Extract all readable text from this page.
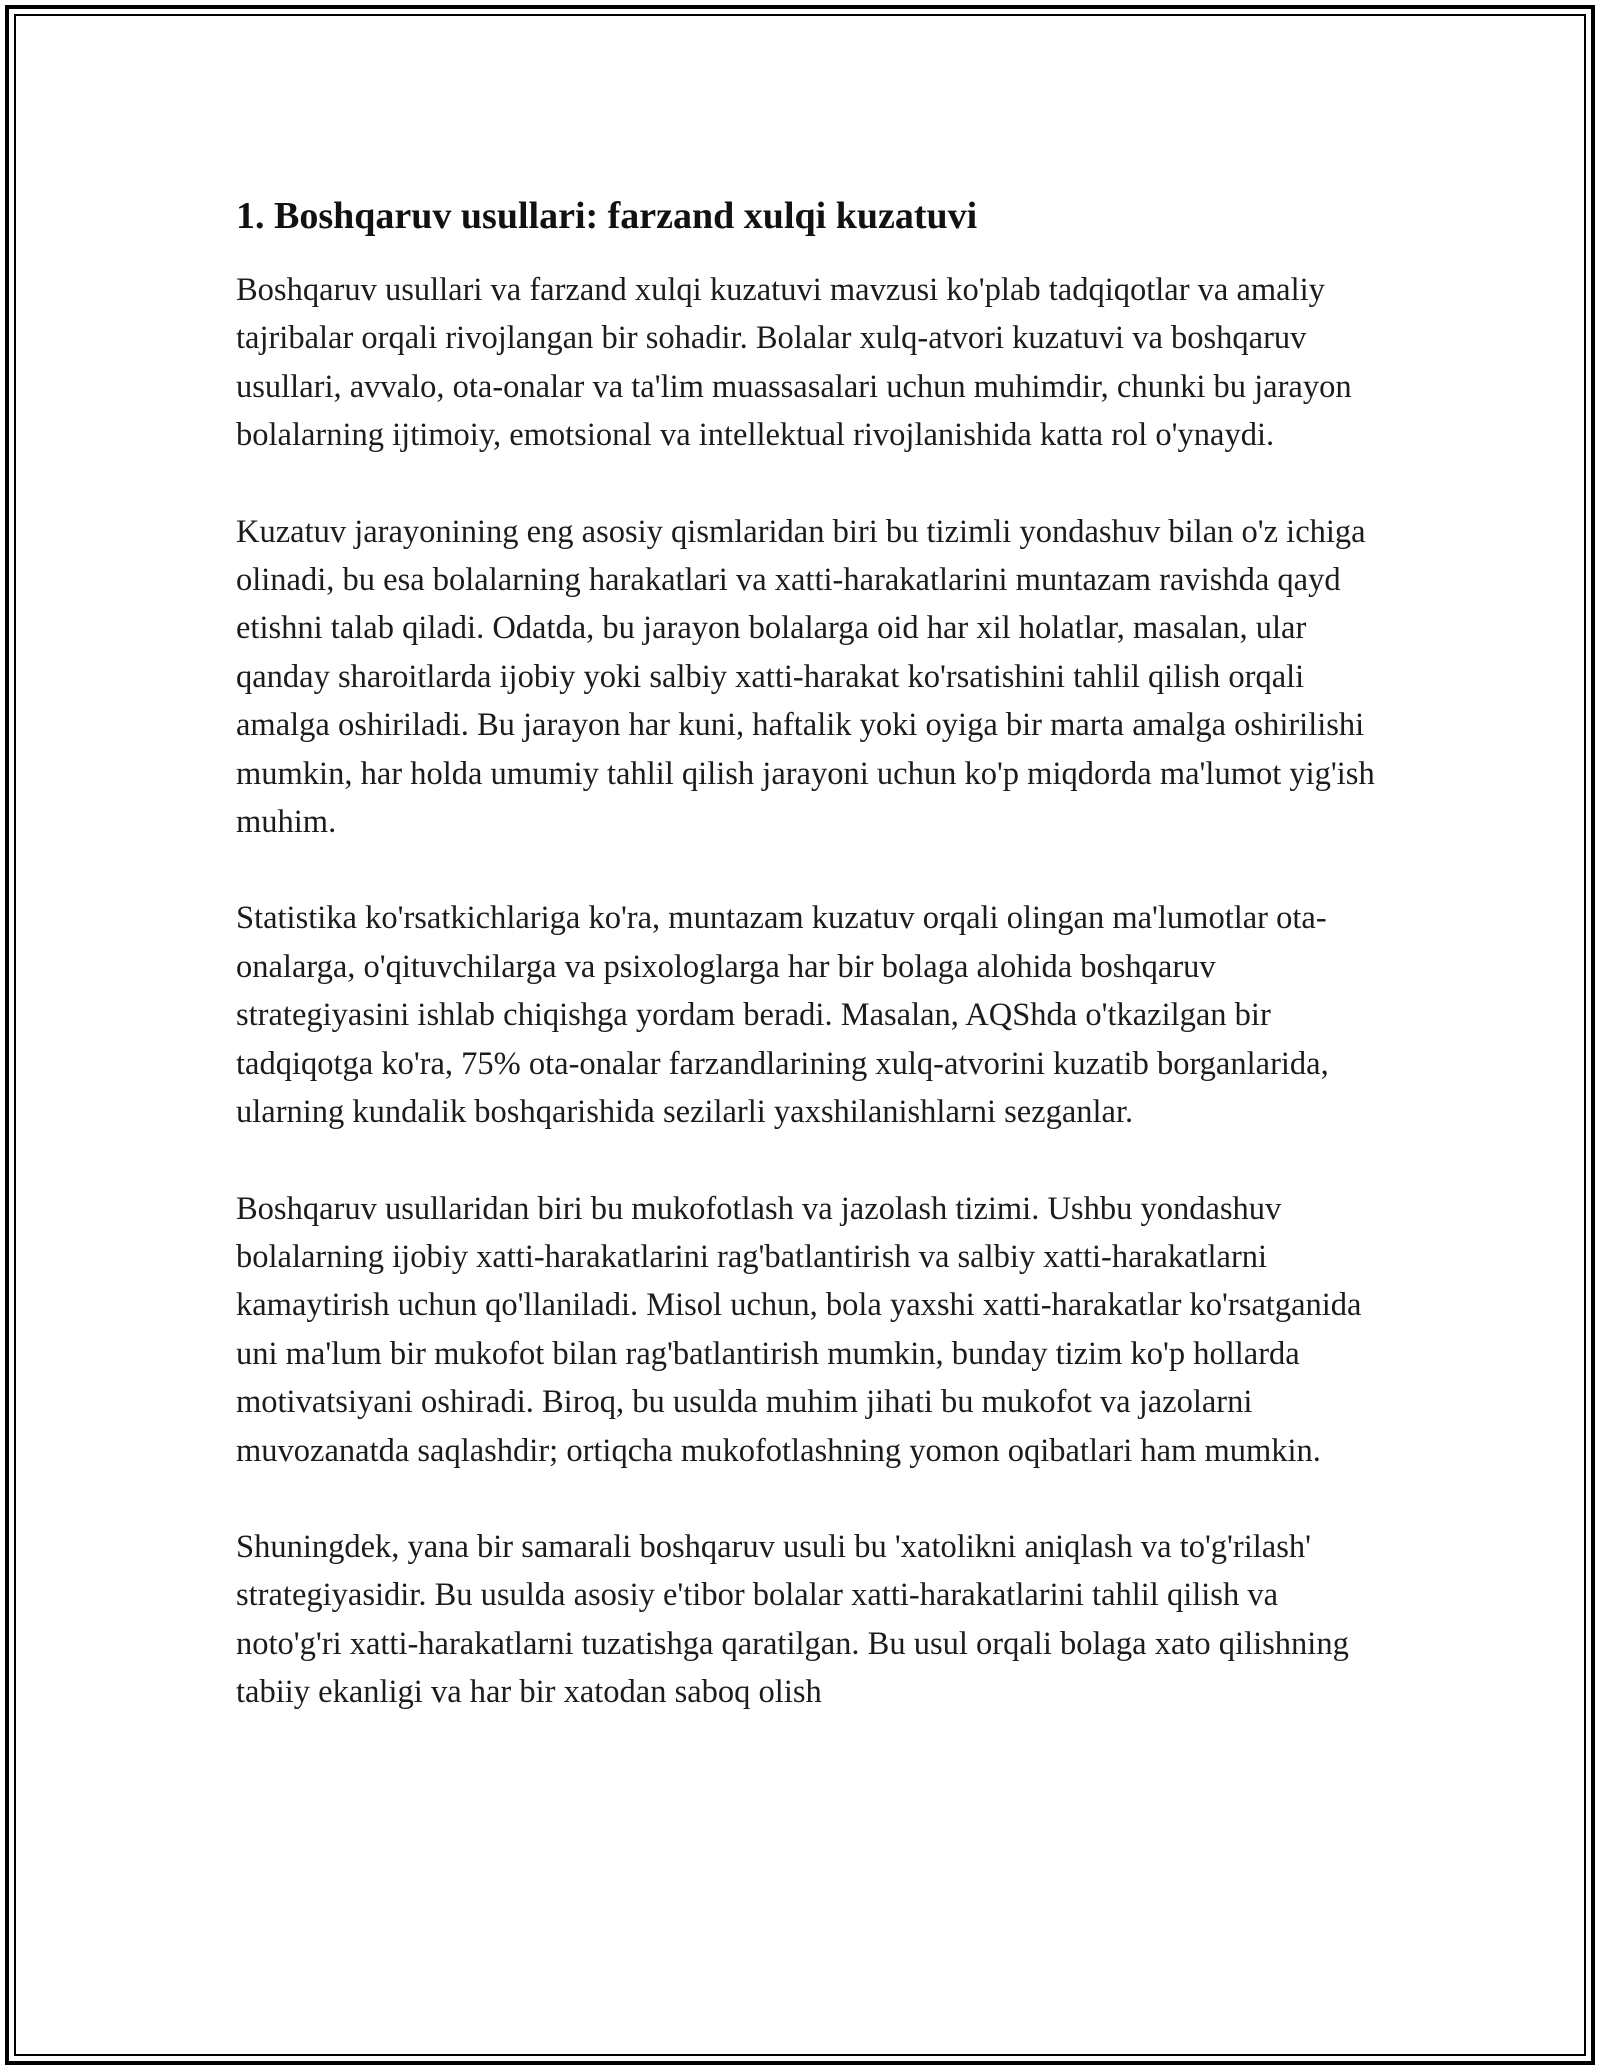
1. Boshqaruv usullari: farzand xulqi kuzatuvi

Boshqaruv usullari va farzand xulqi kuzatuvi mavzusi ko'plab tadqiqotlar va amaliy tajribalar orqali rivojlangan bir sohadir. Bolalar xulq-atvori kuzatuvi va boshqaruv usullari, avvalo, ota-onalar va ta'lim muassasalari uchun muhimdir, chunki bu jarayon bolalarning ijtimoiy, emotsional va intellektual rivojlanishida katta rol o'ynaydi.

Kuzatuv jarayonining eng asosiy qismlaridan biri bu tizimli yondashuv bilan o'z ichiga olinadi, bu esa bolalarning harakatlari va xatti-harakatlarini muntazam ravishda qayd etishni talab qiladi. Odatda, bu jarayon bolalarga oid har xil holatlar, masalan, ular qanday sharoitlarda ijobiy yoki salbiy xatti-harakat ko'rsatishini tahlil qilish orqali amalga oshiriladi. Bu jarayon har kuni, haftalik yoki oyiga bir marta amalga oshirilishi mumkin, har holda umumiy tahlil qilish jarayoni uchun ko'p miqdorda ma'lumot yig'ish muhim.

Statistika ko'rsatkichlariga ko'ra, muntazam kuzatuv orqali olingan ma'lumotlar ota-onalarga, o'qituvchilarga va psixologlarga har bir bolaga alohida boshqaruv strategiyasini ishlab chiqishga yordam beradi. Masalan, AQShda o'tkazilgan bir tadqiqotga ko'ra, 75% ota-onalar farzandlarining xulq-atvorini kuzatib borganlarida, ularning kundalik boshqarishida sezilarli yaxshilanishlarni sezganlar.

Boshqaruv usullaridan biri bu mukofotlash va jazolash tizimi. Ushbu yondashuv bolalarning ijobiy xatti-harakatlarini rag'batlantirish va salbiy xatti-harakatlarni kamaytirish uchun qo'llaniladi. Misol uchun, bola yaxshi xatti-harakatlar ko'rsatganida uni ma'lum bir mukofot bilan rag'batlantirish mumkin, bunday tizim ko'p hollarda motivatsiyani oshiradi. Biroq, bu usulda muhim jihati bu mukofot va jazolarni muvozanatda saqlashdir; ortiqcha mukofotlashning yomon oqibatlari ham mumkin.

Shuningdek, yana bir samarali boshqaruv usuli bu 'xatolikni aniqlash va to'g'rilash' strategiyasidir. Bu usulda asosiy e'tibor bolalar xatti-harakatlarini tahlil qilish va noto'g'ri xatti-harakatlarni tuzatishga qaratilgan. Bu usul orqali bolaga xato qilishning tabiiy ekanligi va har bir xatodan saboq olish
